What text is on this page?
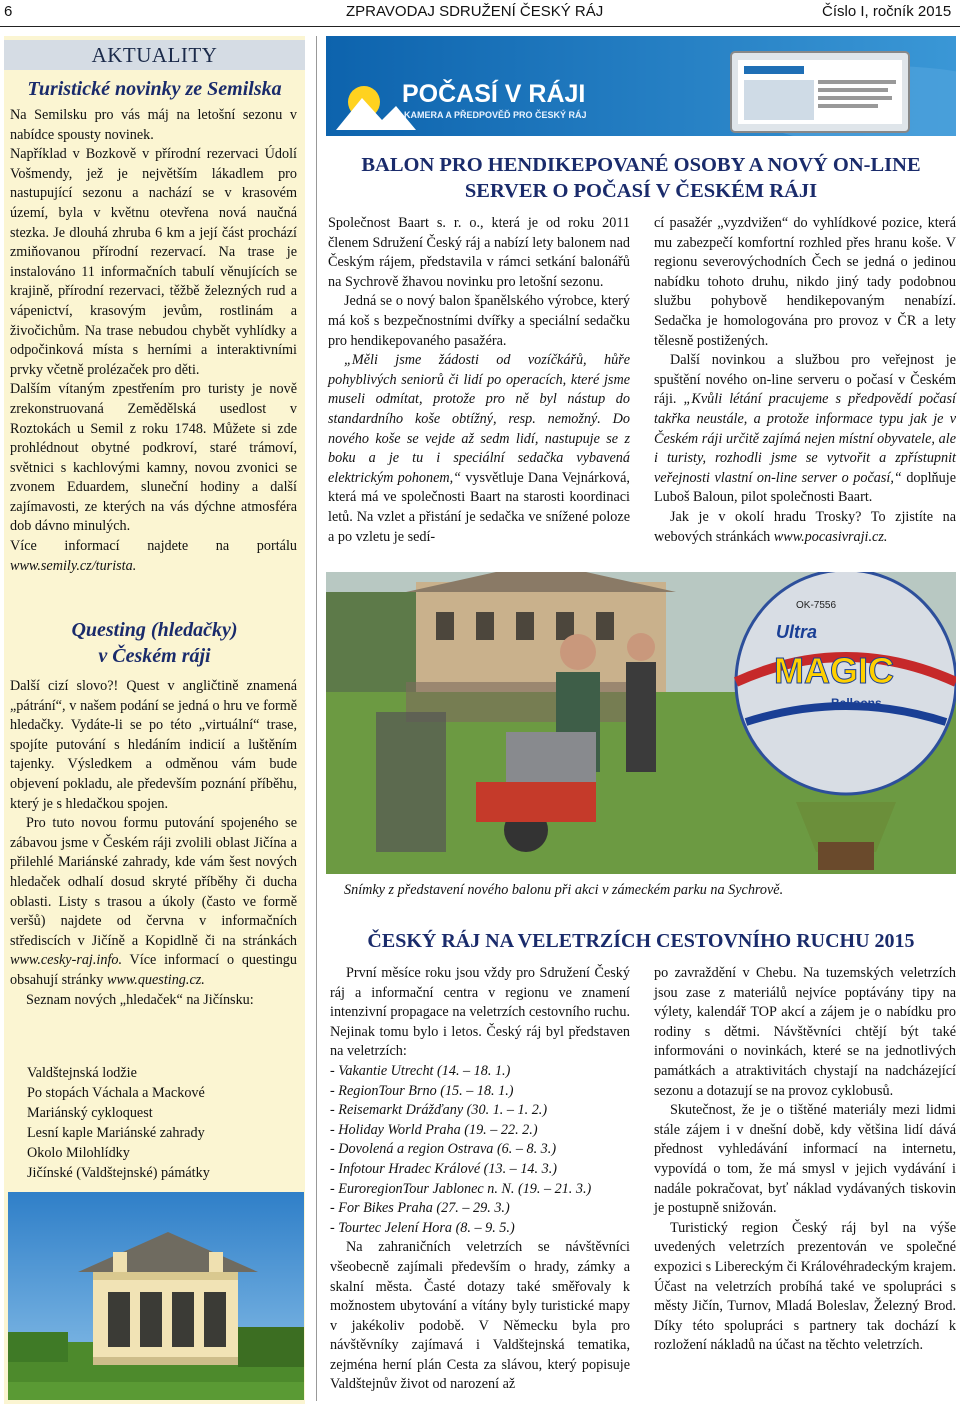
6	ZPRAVODAJ SDRUŽENÍ ČESKÝ RÁJ	Číslo I, ročník 2015
AKTUALITY
Turistické novinky ze Semilska

Na Semilsku pro vás máj na letošní sezonu v nabídce spousty novinek.

Například v Bozkově v přírodní rezervaci Údolí Vošmendy, jež je největším lákadlem pro nastupující sezonu a nachází se v krasovém území, byla v květnu otevřena nová naučná stezka. Je dlouhá zhruba 6 km a její část prochází zmiňovanou přírodní rezervací. Na trase je instalováno 11 informačních tabulí věnujících se krajině, přírodní rezervaci, těžbě železných rud a vápenictví, krasovým jevům, rostlinám a živočichům. Na trase nebudou chybět vyhlídky a odpočinková místa s herními a interaktivními prvky včetně prolézaček pro děti.

Dalším vítaným zpestřením pro turisty je nově zrekonstruovaná Zemědělská usedlost v Roztokách u Semil z roku 1748. Můžete si zde prohlédnout obytné podkroví, staré trámoví, světnici s kachlovými kamny, novou zvonici se zvonem Eduardem, sluneční hodiny a další zajímavosti, ze kterých na vás dýchne atmosféra dob dávno minulých.

Více informací najdete na portálu www.semily.cz/turista.

Questing (hledačky)
v Českém ráji

Další cizí slovo?! Quest v angličtině znamená „pátrání“, v našem podání se jedná o hru ve formě hledačky. Vydáte-li se po této „virtuální“ trase, spojíte putování s hledáním indicií a luštěním tajenky. Výsledkem a odměnou vám bude objevení pokladu, ale především poznání příběhu, který je s hledačkou spojen.

Pro tuto novou formu putování spojeného se zábavou jsme v Českém ráji zvolili oblast Jičína a přilehlé Mariánské zahrady, kde vám šest nových hledaček odhalí dosud skryté příběhy či ducha oblasti. Listy s trasou a úkoly (často ve formě veršů) najdete od června v informačních střediscích v Jičíně a Kopidlně či na stránkách www.cesky-raj.info. Více informací o questingu obsahují stránky www.questing.cz.

Seznam nových „hledaček“ na Jičínsku:

Valdštejnská lodžie
Po stopách Váchala a Mackové
Mariánský cykloquest
Lesní kaple Mariánské zahrady
Okolo Milohlídky
Jičínské (Valdštejnské) pámátky
POČASÍ V RÁJI
KAMERA A PŘEDPOVĚĎ PRO ČESKÝ RÁJ
BALON PRO HENDIKEPOVANÉ OSOBY A NOVÝ ON-LINE
SERVER O POČASÍ V ČESKÉM RÁJI

Společnost Baart s. r. o., která je od roku 2011 členem Sdružení Český ráj a nabízí lety balonem nad Českým rájem, představila v rámci setkání balonářů na Sychrově žhavou novinku pro letošní sezonu.

Jedná se o nový balon španělského výrobce, který má koš s bezpečnostními dvířky a speciální sedačku pro hendikepovaného pasažéra.

„Měli jsme žádosti od vozíčkářů, hůře pohyblivých seniorů či lidí po operacích, které jsme museli odmítat, protože pro ně byl nástup do standardního koše obtížný, resp. nemožný. Do nového koše se vejde až sedm lidí, nastupuje se z boku a je tu i speciální sedačka vybavená elektrickým pohonem,“ vysvětluje Dana Vejnárková, která má ve společnosti Baart na starosti koordinaci letů. Na vzlet a přistání je sedačka ve snížené poloze a po vzletu je sedí-

cí pasažér „vyzdvižen“ do vyhlídkové pozice, která mu zabezpečí komfortní rozhled přes hranu koše. V regionu severovýchodních Čech se jedná o jedinou nabídku tohoto druhu, nikdo jiný tady podobnou službu pohybově hendikepovaným nenabízí. Sedačka je homologována pro provoz v ČR a lety tělesně postižených.

Další novinkou a službou pro veřejnost je spuštění nového on-line serveru o počasí v Českém ráji. „Kvůli létání pracujeme s předpovědí počasí takřka neustále, a protože informace typu jak je v Českém ráji určitě zajímá nejen místní obyvatele, ale i turisty, rozhodli jsme se vytvořit a zpřístupnit veřejnosti vlastní on-line server o počasí,“ doplňuje Luboš Baloun, pilot společnosti Baart.

Jak je v okolí hradu Trosky? To zjistíte na webových stránkách www.pocasivraji.cz.

Ultra
MAGIC
Balloons
OK-7556
Snímky z představení nového balonu při akci v zámeckém parku na Sychrově.
ČESKÝ RÁJ NA VELETRZÍCH CESTOVNÍHO RUCHU 2015

První měsíce roku jsou vždy pro Sdružení Český ráj a informační centra v regionu ve znamení intenzivní propagace na veletrzích cestovního ruchu. Nejinak tomu bylo i letos. Český ráj byl představen na veletrzích:

- Vakantie Utrecht (14. – 18. 1.)
- RegionTour Brno (15. – 18. 1.)
- Reisemarkt Drážďany (30. 1. – 1. 2.)
- Holiday World Praha (19. – 22. 2.)
- Dovolená a region Ostrava (6. – 8. 3.)
- Infotour Hradec Králové (13. – 14. 3.)
- EuroregionTour Jablonec n. N. (19. – 21. 3.)
- For Bikes Praha (27. – 29. 3.)
- Tourtec Jelení Hora (8. – 9. 5.)

Na zahraničních veletrzích se návštěvníci všeobecně zajímali především o hrady, zámky a skalní města. Časté dotazy také směřovaly k možnostem ubytování a vítány byly turistické mapy v jakékoliv podobě. V Německu byla pro návštěvníky zajímavá i Valdštejnská tematika, zejména herní plán Cesta za slávou, který popisuje Valdštejnův život od narození až

po zavraždění v Chebu. Na tuzemských veletrzích jsou zase z materiálů nejvíce poptávány tipy na výlety, kalendář TOP akcí a zájem je o nabídku pro rodiny s dětmi. Návštěvníci chtějí být také informováni o novinkách, které se na jednotlivých památkách a atraktivitách chystají na nadcházející sezonu a dotazují se na provoz cyklobusů.

Skutečnost, že je o tištěné materiály mezi lidmi stále zájem i v dnešní době, kdy většina lidí dává přednost vyhledávání informací na internetu, vypovídá o tom, že má smysl v jejich vydávání i nadále pokračovat, byť náklad vydávaných tiskovin je postupně snižován.

Turistický region Český ráj byl na výše uvedených veletrzích prezentován ve společné expozici s Libereckým či Královéhradeckým krajem. Účast na veletrzích probíhá také ve spolupráci s městy Jičín, Turnov, Mladá Boleslav, Železný Brod. Díky této spolupráci s partnery tak dochází k rozložení nákladů na účast na těchto veletrzích.
